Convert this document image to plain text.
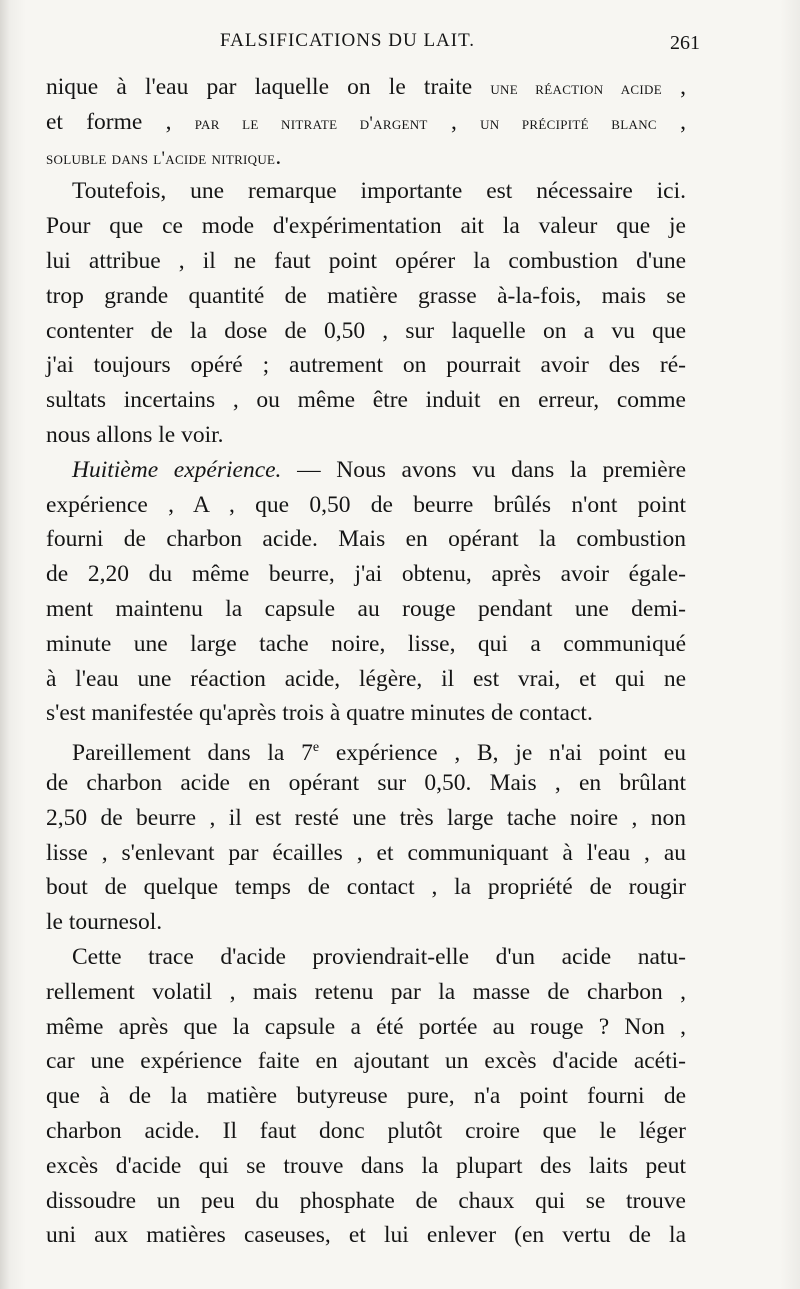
FALSIFICATIONS DU LAIT.	261
nique à l'eau par laquelle on le traite une réaction acide ,
et forme , par le nitrate d'argent , un précipité blanc ,
soluble dans l'acide nitrique.
Toutefois, une remarque importante est nécessaire ici.
Pour que ce mode d'expérimentation ait la valeur que je
lui attribue , il ne faut point opérer la combustion d'une
trop grande quantité de matière grasse à-la-fois, mais se
contenter de la dose de 0,50 , sur laquelle on a vu que
j'ai toujours opéré ; autrement on pourrait avoir des ré-
sultats incertains , ou même être induit en erreur, comme
nous allons le voir.
Huitième expérience. — Nous avons vu dans la première
expérience , A , que 0,50 de beurre brûlés n'ont point
fourni de charbon acide. Mais en opérant la combustion
de 2,20 du même beurre, j'ai obtenu, après avoir égale-
ment maintenu la capsule au rouge pendant une demi-
minute une large tache noire, lisse, qui a communiqué
à l'eau une réaction acide, légère, il est vrai, et qui ne
s'est manifestée qu'après trois à quatre minutes de contact.
Pareillement dans la 7e expérience , B, je n'ai point eu
de charbon acide en opérant sur 0,50. Mais , en brûlant
2,50 de beurre , il est resté une très large tache noire , non
lisse , s'enlevant par écailles , et communiquant à l'eau , au
bout de quelque temps de contact , la propriété de rougir
le tournesol.
Cette trace d'acide proviendrait-elle d'un acide natu-
rellement volatil , mais retenu par la masse de charbon ,
même après que la capsule a été portée au rouge ? Non ,
car une expérience faite en ajoutant un excès d'acide acéti-
que à de la matière butyreuse pure, n'a point fourni de
charbon acide. Il faut donc plutôt croire que le léger
excès d'acide qui se trouve dans la plupart des laits peut
dissoudre un peu du phosphate de chaux qui se trouve
uni aux matières caseuses, et lui enlever (en vertu de la
